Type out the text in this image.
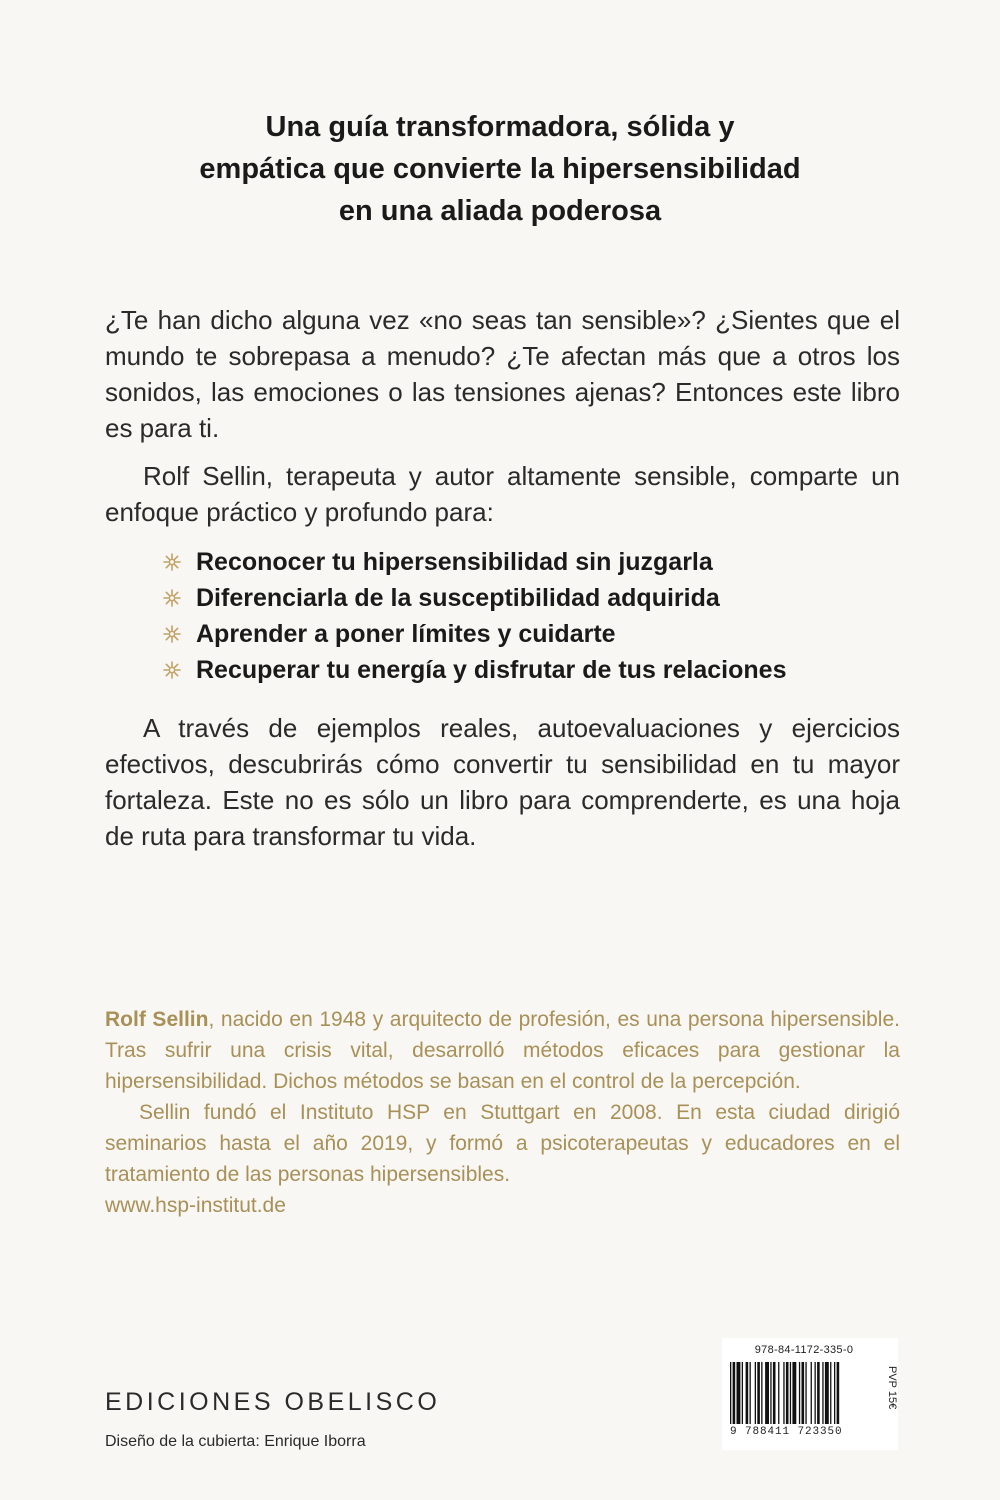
Una guía transformadora, sólida y
empática que convierte la hipersensibilidad
en una aliada poderosa

¿Te han dicho alguna vez «no seas tan sensible»? ¿Sientes que el mundo te sobrepasa a menudo? ¿Te afectan más que a otros los sonidos, las emociones o las tensiones ajenas? Entonces este libro es para ti.

Rolf Sellin, terapeuta y autor altamente sensible, comparte un enfoque práctico y profundo para:

Reconocer tu hipersensibilidad sin juzgarla
Diferenciarla de la susceptibilidad adquirida
Aprender a poner límites y cuidarte
Recuperar tu energía y disfrutar de tus relaciones

A través de ejemplos reales, autoevaluaciones y ejercicios efectivos, descubrirás cómo convertir tu sensibilidad en tu mayor fortaleza. Este no es sólo un libro para comprenderte, es una hoja de ruta para transformar tu vida.

Rolf Sellin, nacido en 1948 y arquitecto de profesión, es una persona hipersensible. Tras sufrir una crisis vital, desarrolló métodos eficaces para gestionar la hipersensibilidad. Dichos métodos se basan en el control de la percepción.

Sellin fundó el Instituto HSP en Stuttgart en 2008. En esta ciudad dirigió seminarios hasta el año 2019, y formó a psicoterapeutas y educadores en el tratamiento de las personas hipersensibles.

www.hsp-institut.de

EDICIONES OBELISCO
Diseño de la cubierta: Enrique Iborra
978-84-1172-335-0
9 788411 723350
PVP 15€
